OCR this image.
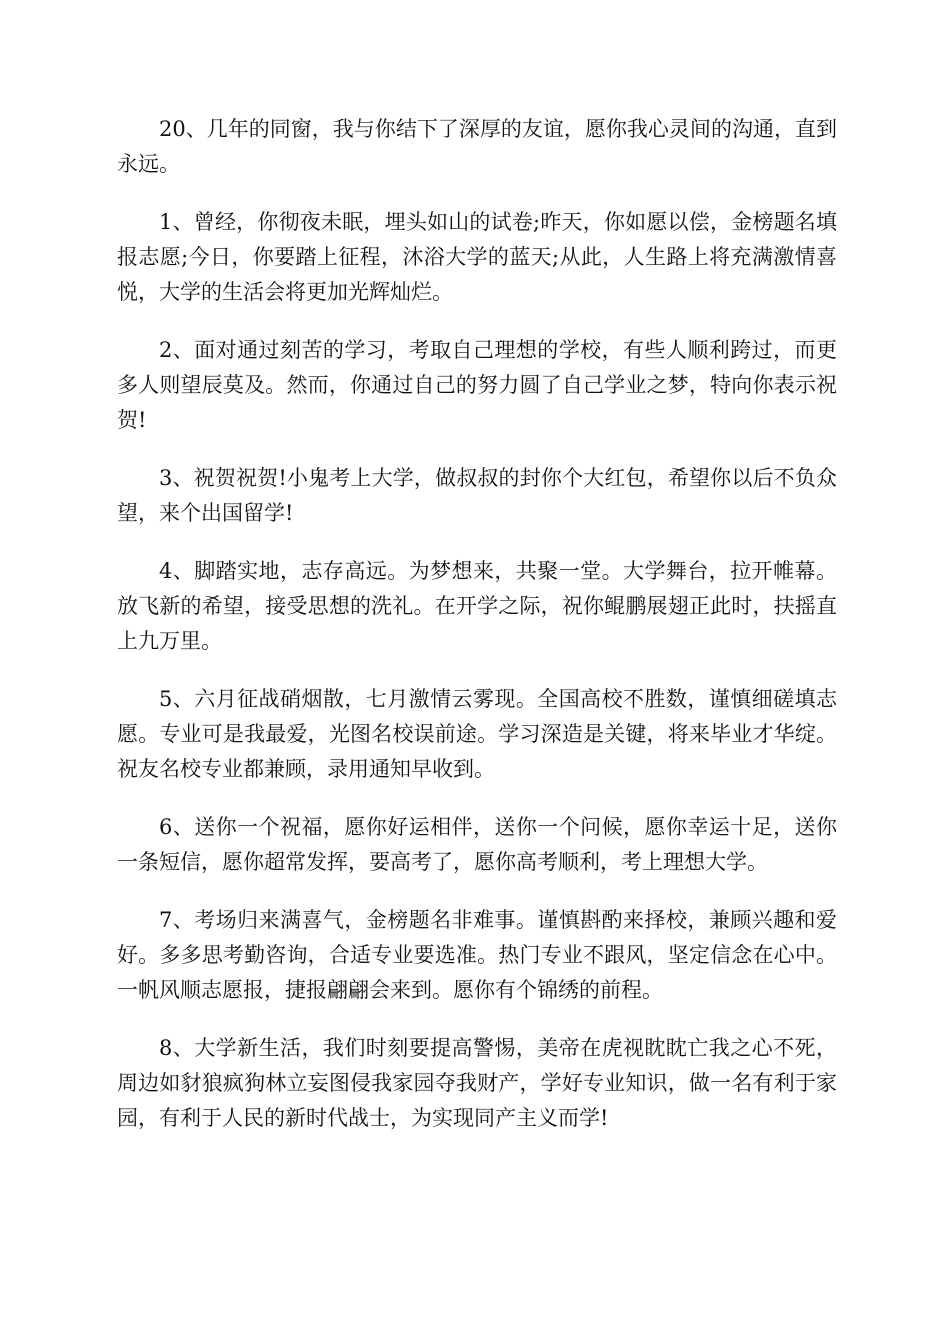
20、几年的同窗，我与你结下了深厚的友谊，愿你我心灵间的沟通，直到永远。

1、曾经，你彻夜未眠，埋头如山的试卷;昨天，你如愿以偿，金榜题名填报志愿;今日，你要踏上征程，沐浴大学的蓝天;从此，人生路上将充满激情喜悦，大学的生活会将更加光辉灿烂。

2、面对通过刻苦的学习，考取自己理想的学校，有些人顺利跨过，而更多人则望辰莫及。然而，你通过自己的努力圆了自己学业之梦，特向你表示祝贺!

3、祝贺祝贺!小鬼考上大学，做叔叔的封你个大红包，希望你以后不负众望，来个出国留学!

4、脚踏实地，志存高远。为梦想来，共聚一堂。大学舞台，拉开帷幕。放飞新的希望，接受思想的洗礼。在开学之际，祝你鲲鹏展翅正此时，扶摇直上九万里。

5、六月征战硝烟散，七月激情云雾现。全国高校不胜数，谨慎细磋填志愿。专业可是我最爱，光图名校误前途。学习深造是关键，将来毕业才华绽。祝友名校专业都兼顾，录用通知早收到。

6、送你一个祝福，愿你好运相伴，送你一个问候，愿你幸运十足，送你一条短信，愿你超常发挥，要高考了，愿你高考顺利，考上理想大学。

7、考场归来满喜气，金榜题名非难事。谨慎斟酌来择校，兼顾兴趣和爱好。多多思考勤咨询，合适专业要选准。热门专业不跟风，坚定信念在心中。一帆风顺志愿报，捷报翩翩会来到。愿你有个锦绣的前程。

8、大学新生活，我们时刻要提高警惕，美帝在虎视眈眈亡我之心不死，周边如豺狼疯狗林立妄图侵我家园夺我财产，学好专业知识，做一名有利于家园，有利于人民的新时代战士，为实现同产主义而学!
